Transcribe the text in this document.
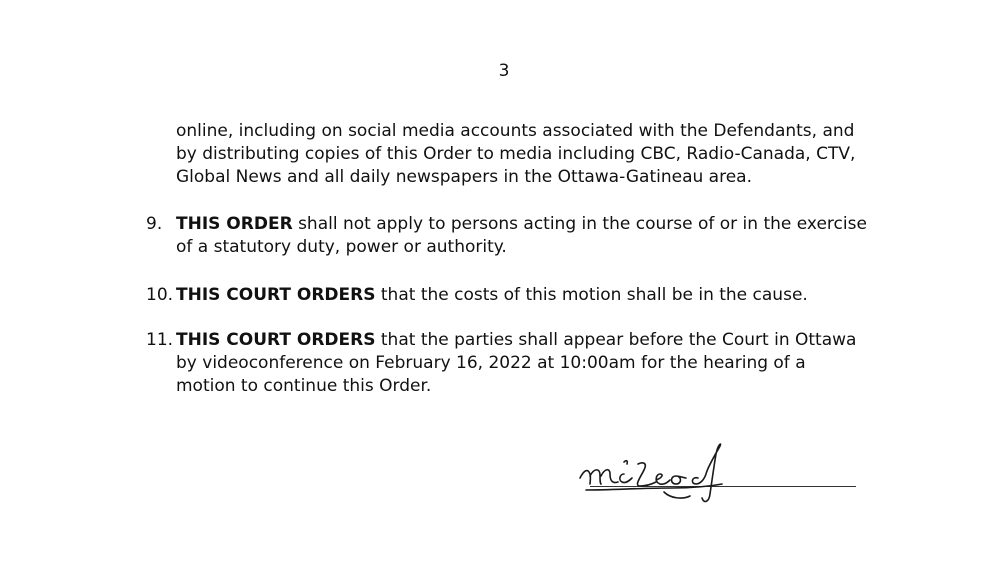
3
online, including on social media accounts associated with the Defendants, and
by distributing copies of this Order to media including CBC, Radio-Canada, CTV,
Global News and all daily newspapers in the Ottawa-Gatineau area.
9. THIS ORDER shall not apply to persons acting in the course of or in the exercise
of a statutory duty, power or authority.
10. THIS COURT ORDERS that the costs of this motion shall be in the cause.
11. THIS COURT ORDERS that the parties shall appear before the Court in Ottawa
by videoconference on February 16, 2022 at 10:00am for the hearing of a
motion to continue this Order.
